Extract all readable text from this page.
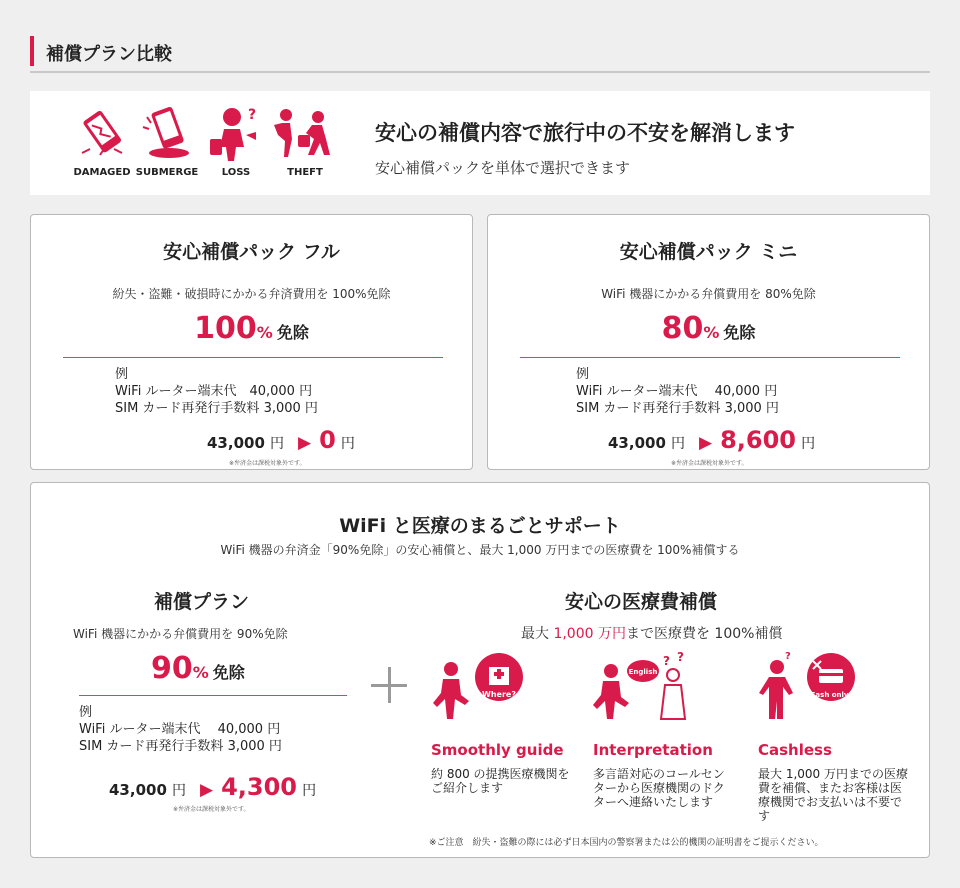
補償プラン比較
DAMAGED SUBMERGE
?
LOSS	THEFT
安心の補償内容で旅行中の不安を解消します
安心補償パックを単体で選択できます
安心補償パック フル
紛失・盗難・破損時にかかる弁済費用を 100%免除
100% 免除
例
WiFi ルーター端末代　40,000 円
SIM カード再発行手数料 3,000 円
43,000 円 ▶ 0 円
※弁済金は課税対象外です。
安心補償パック ミニ
WiFi 機器にかかる弁償費用を 80%免除
80% 免除
例
WiFi ルーター端末代　 40,000 円
SIM カード再発行手数料 3,000 円
43,000 円 ▶ 8,600 円
※弁済金は課税対象外です。
WiFi と医療のまるごとサポート
WiFi 機器の弁済金「90%免除」の安心補償と、最大 1,000 万円までの医療費を 100%補償する
補償プラン
WiFi 機器にかかる弁償費用を 90%免除
90% 免除
例
WiFi ルーター端末代　 40,000 円
SIM カード再発行手数料 3,000 円
43,000 円 ▶ 4,300 円
※弁済金は課税対象外です。
安心の医療費補償
最大 1,000 万円まで医療費を 100%補償
Where?
English
? ?	?
Cash only!
Smoothly guide
約 800 の提携医療機関をご紹介します
Interpretation
多言語対応のコールセンターから医療機関のドクターへ連絡いたします
Cashless
最大 1,000 万円までの医療費を補償、またお客様は医療機関でお支払いは不要です
※ご注意　紛失・盗難の際には必ず日本国内の警察署または公的機関の証明書をご提示ください。
